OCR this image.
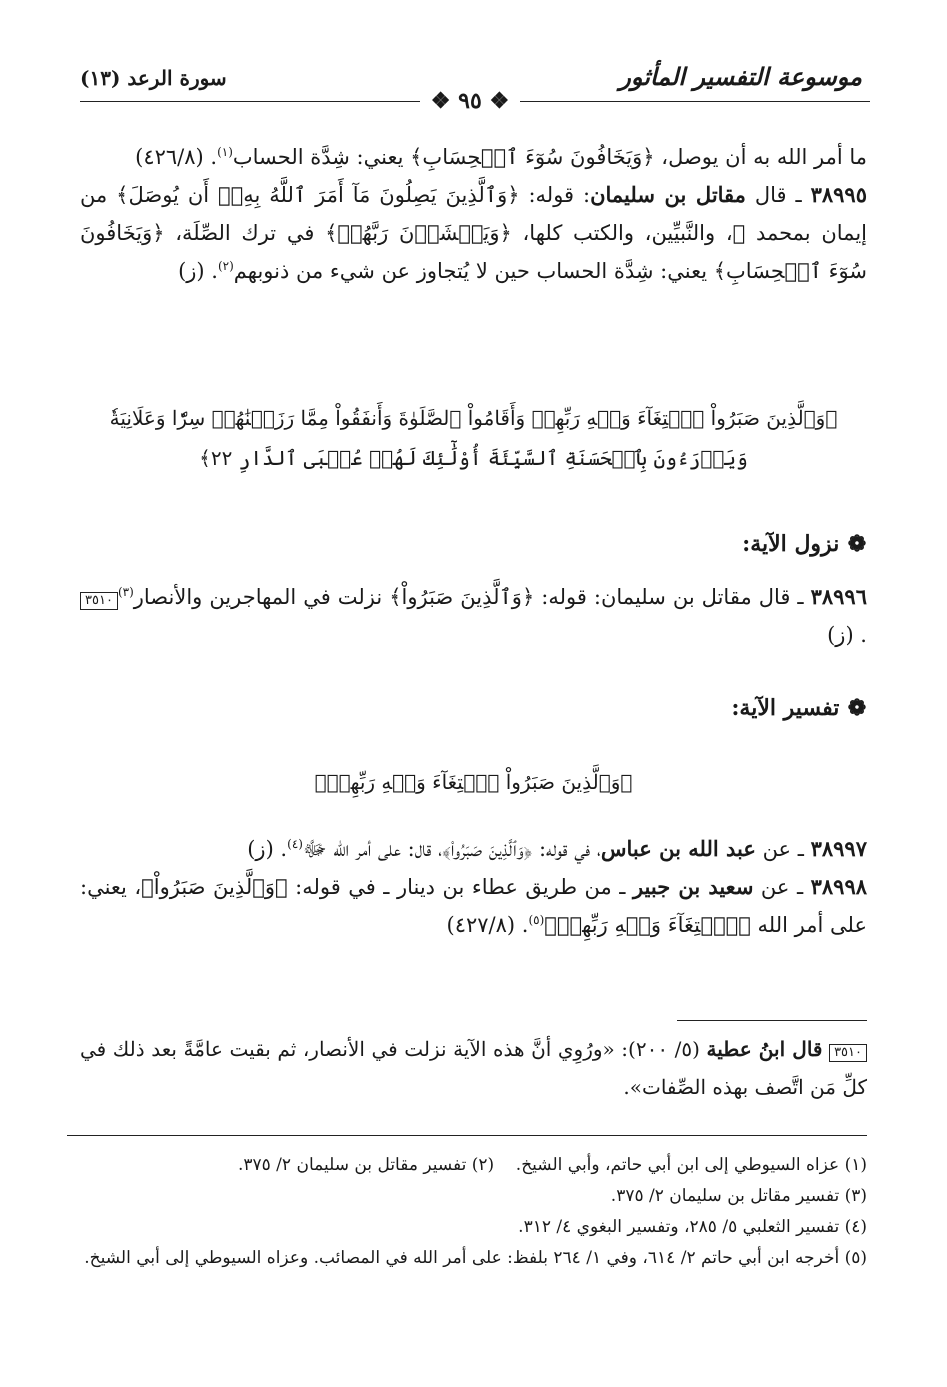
موسوعة التفسير المأثور
سورة الرعد (١٣)
❖ ٩٥ ❖

ما أمر الله به أن يوصل، ﴿وَيَخَافُونَ سُوٓءَ ٱلۡحِسَابِ﴾ يعني: شِدَّة الحساب$^{(١)}$. (٤٢٦/٨)

٣٨٩٩٥ ـ قال مقاتل بن سليمان: قوله: ﴿وَٱلَّذِينَ يَصِلُونَ مَآ أَمَرَ ٱللَّهُ بِهِۦٓ أَن يُوصَلَ﴾ من إيمان بمحمد ﷺ، والنَّبيِّين، والكتب كلها، ﴿وَيَخۡشَوۡنَ رَبَّهُمۡ﴾ في ترك الصِّلَة، ﴿وَيَخَافُونَ سُوٓءَ ٱلۡحِسَابِ﴾ يعني: شِدَّة الحساب حين لا يُتجاوز عن شيء من ذنوبهم$^{(٢)}$. (ز)

﴿وَٱلَّذِينَ صَبَرُواْ ٱبۡتِغَآءَ وَجۡهِ رَبِّهِمۡ وَأَقَامُواْ ٱلصَّلَوٰةَ وَأَنفَقُواْ مِمَّا رَزَقۡنَٰهُمۡ سِرّٗا وَعَلَانِيَةٗ
وَيَدۡرَءُونَ بِٱلۡحَسَنَةِ ٱلسَّيِّئَةَ أُوْلَٰٓئِكَ لَهُمۡ عُقۡبَى ٱلدَّارِ ٢٢﴾
❁ نزول الآية:

٣٨٩٩٦ ـ قال مقاتل بن سليمان: قوله: ﴿وَٱلَّذِينَ صَبَرُواْ﴾ نزلت في المهاجرين والأنصار$^{(٣)}$٣٥١٠. (ز)

❁ تفسير الآية:
﴿وَٱلَّذِينَ صَبَرُواْ ٱبۡتِغَآءَ وَجۡهِ رَبِّهِمۡ﴾

٣٨٩٩٧ ـ عن عبد الله بن عباس، في قوله: ﴿وَٱلَّذِينَ صَبَرُواْ﴾، قال: على أمر الله ﷻ$^{(٤)}$. (ز)

٣٨٩٩٨ ـ عن سعيد بن جبير ـ من طريق عطاء بن دينار ـ في قوله: ﴿وَٱلَّذِينَ صَبَرُواْ﴾، يعني: على أمر الله ﴿ٱبۡتِغَآءَ وَجۡهِ رَبِّهِمۡ﴾$^{(٥)}$. (٤٢٧/٨)

٣٥١٠ قال ابنُ عطية (٥/ ٢٠٠): «ورُوِي أنَّ هذه الآية نزلت في الأنصار، ثم بقيت عامَّةً بعد ذلك في كلِّ مَن اتَّصف بهذه الصِّفات».

(١) عزاه السيوطي إلى ابن أبي حاتم، وأبي الشيخ.    (٢) تفسير مقاتل بن سليمان ٢/ ٣٧٥.

(٣) تفسير مقاتل بن سليمان ٢/ ٣٧٥.

(٤) تفسير الثعلبي ٥/ ٢٨٥، وتفسير البغوي ٤/ ٣١٢.

(٥) أخرجه ابن أبي حاتم ٢/ ٦١٤، وفي ١/ ٢٦٤ بلفظ: على أمر الله في المصائب. وعزاه السيوطي إلى أبي الشيخ.
